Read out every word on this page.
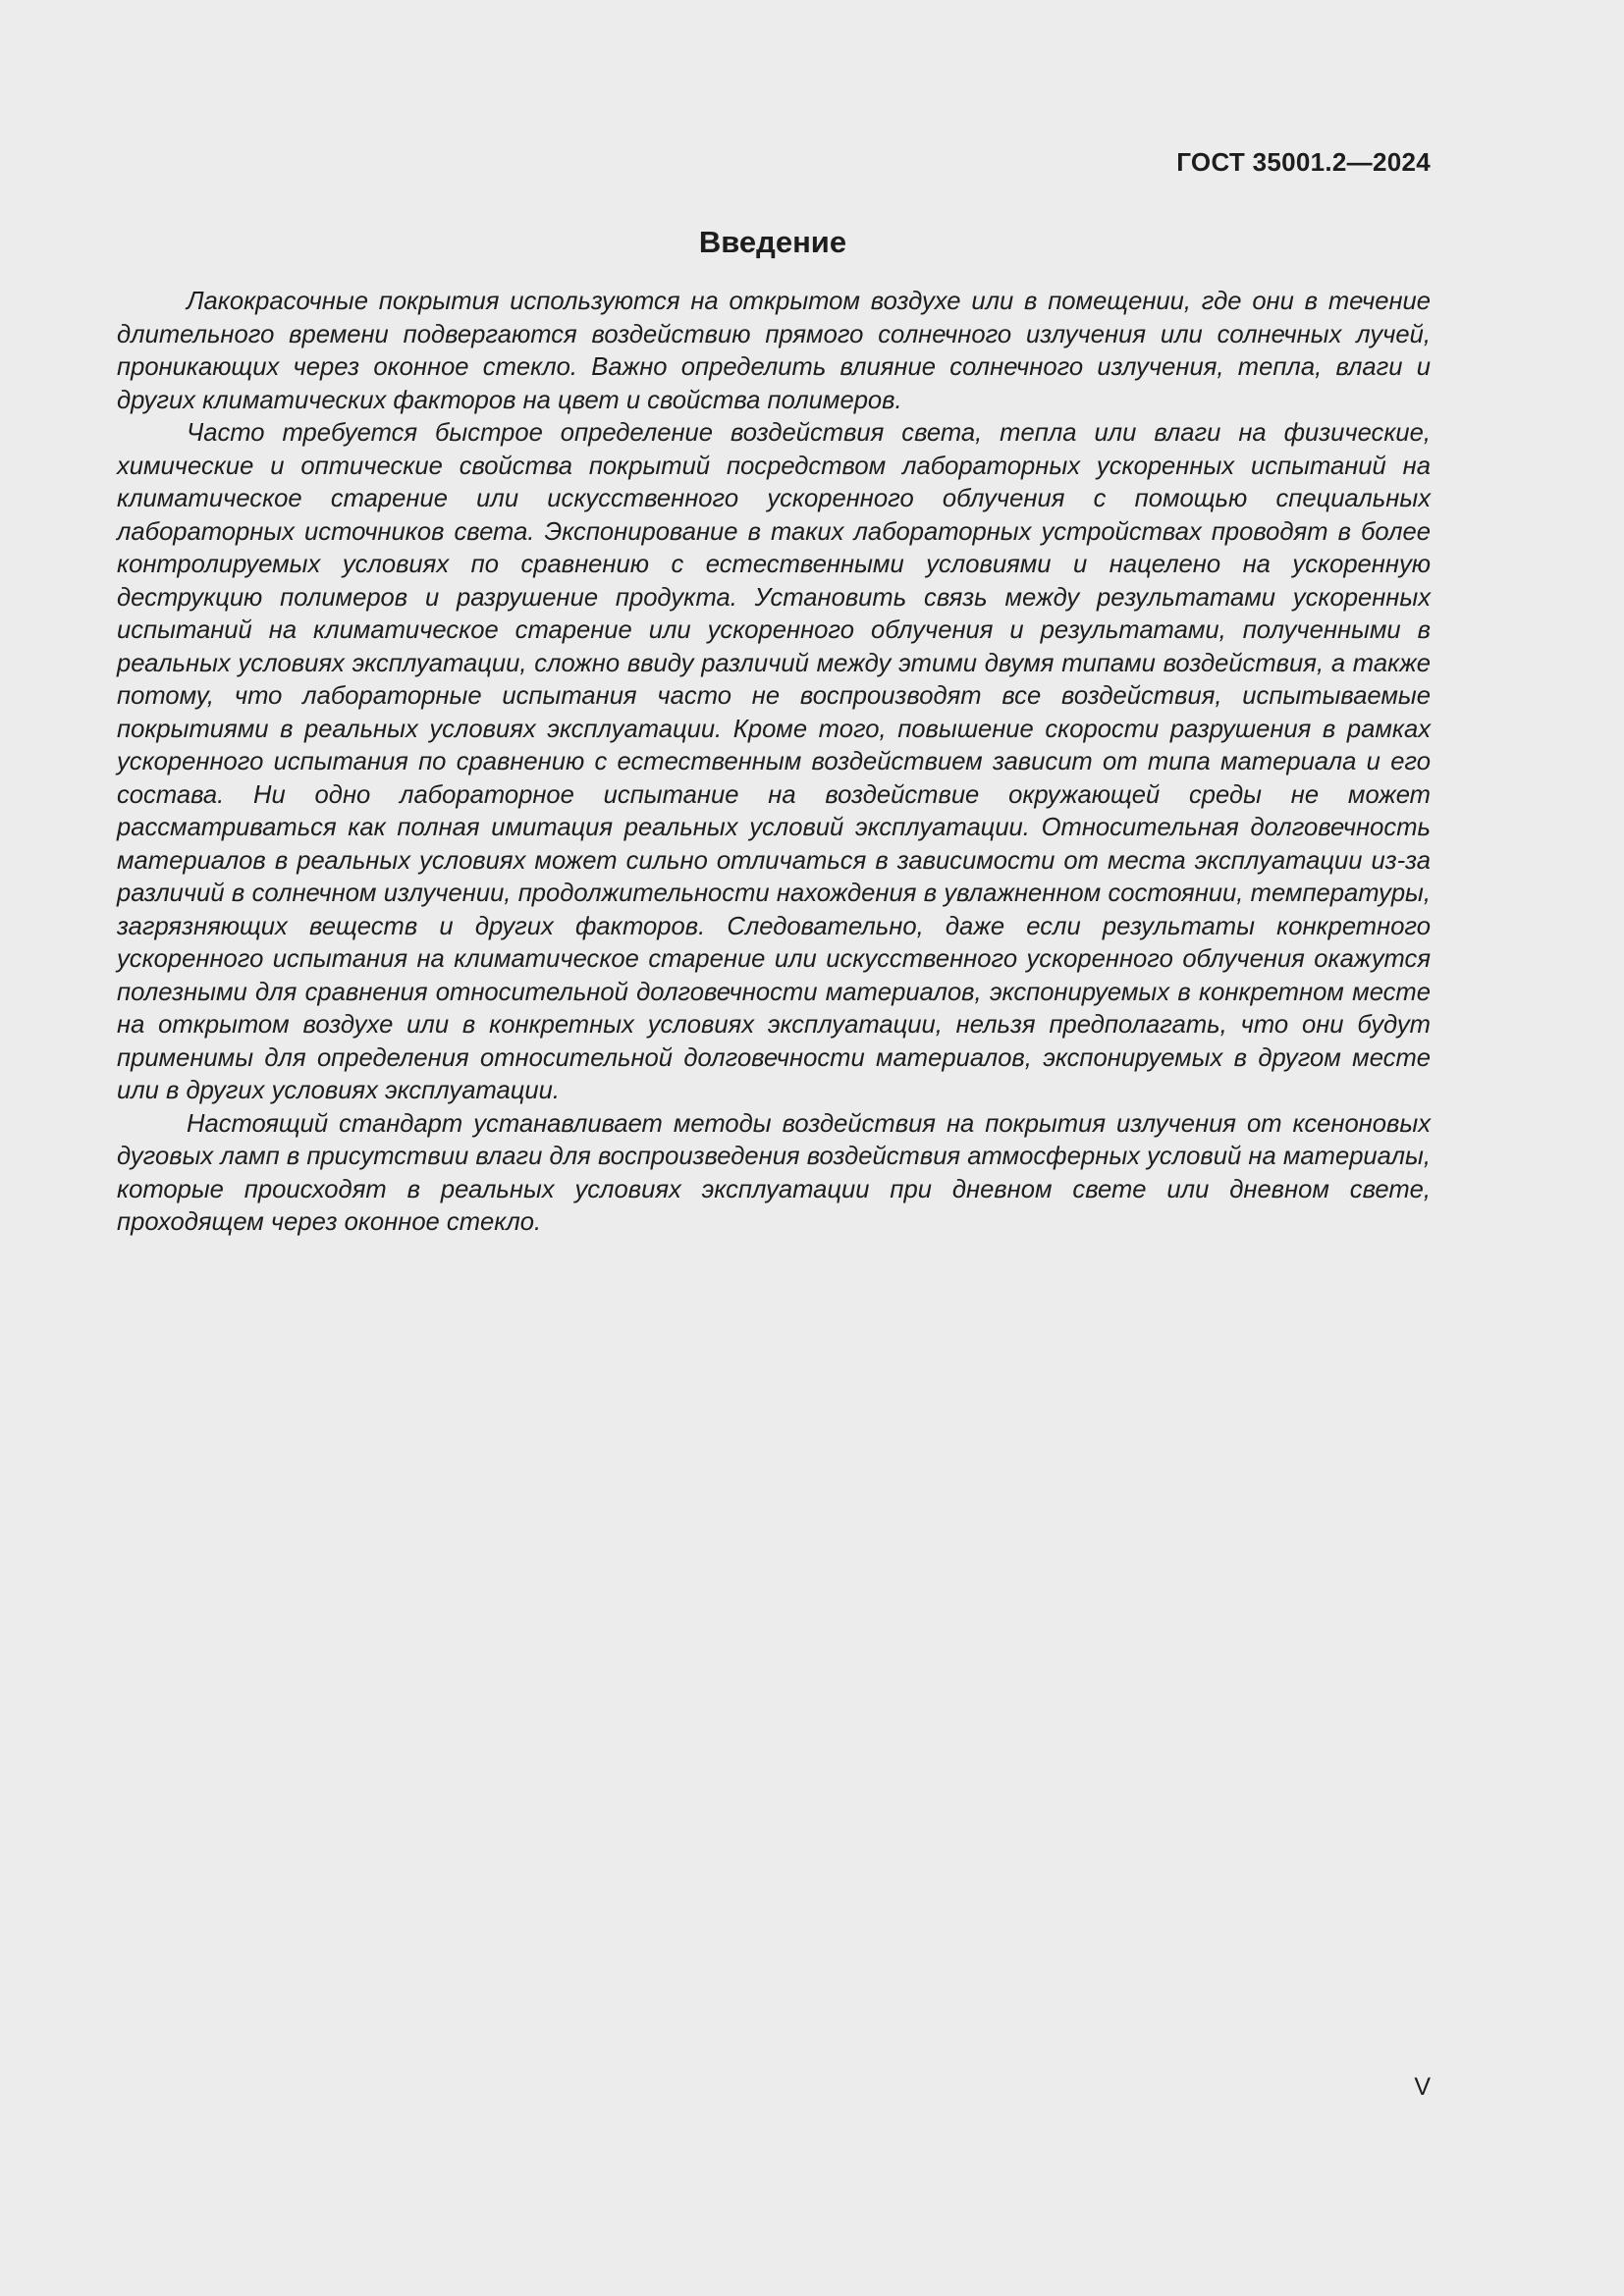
ГОСТ 35001.2—2024
Введение

Лакокрасочные покрытия используются на открытом воздухе или в помещении, где они в течение длительного времени подвергаются воздействию прямого солнечного излучения или солнечных лучей, проникающих через оконное стекло. Важно определить влияние солнечного излучения, тепла, влаги и других климатических факторов на цвет и свойства полимеров.

Часто требуется быстрое определение воздействия света, тепла или влаги на физические, химические и оптические свойства покрытий посредством лабораторных ускоренных испытаний на климатическое старение или искусственного ускоренного облучения с помощью специальных лабораторных источников света. Экспонирование в таких лабораторных устройствах проводят в более контролируемых условиях по сравнению с естественными условиями и нацелено на ускоренную деструкцию полимеров и разрушение продукта. Установить связь между результатами ускоренных испытаний на климатическое старение или ускоренного облучения и результатами, полученными в реальных условиях эксплуатации, сложно ввиду различий между этими двумя типами воздействия, а также потому, что лабораторные испытания часто не воспроизводят все воздействия, испытываемые покрытиями в реальных условиях эксплуатации. Кроме того, повышение скорости разрушения в рамках ускоренного испытания по сравнению с естественным воздействием зависит от типа материала и его состава. Ни одно лабораторное испытание на воздействие окружающей среды не может рассматриваться как полная имитация реальных условий эксплуатации. Относительная долговечность материалов в реальных условиях может сильно отличаться в зависимости от места эксплуатации из-за различий в солнечном излучении, продолжительности нахождения в увлажненном состоянии, температуры, загрязняющих веществ и других факторов. Следовательно, даже если результаты конкретного ускоренного испытания на климатическое старение или искусственного ускоренного облучения окажутся полезными для сравнения относительной долговечности материалов, экспонируемых в конкретном месте на открытом воздухе или в конкретных условиях эксплуатации, нельзя предполагать, что они будут применимы для определения относительной долговечности материалов, экспонируемых в другом месте или в других условиях эксплуатации.

Настоящий стандарт устанавливает методы воздействия на покрытия излучения от ксеноновых дуговых ламп в присутствии влаги для воспроизведения воздействия атмосферных условий на материалы, которые происходят в реальных условиях эксплуатации при дневном свете или дневном свете, проходящем через оконное стекло.

V
